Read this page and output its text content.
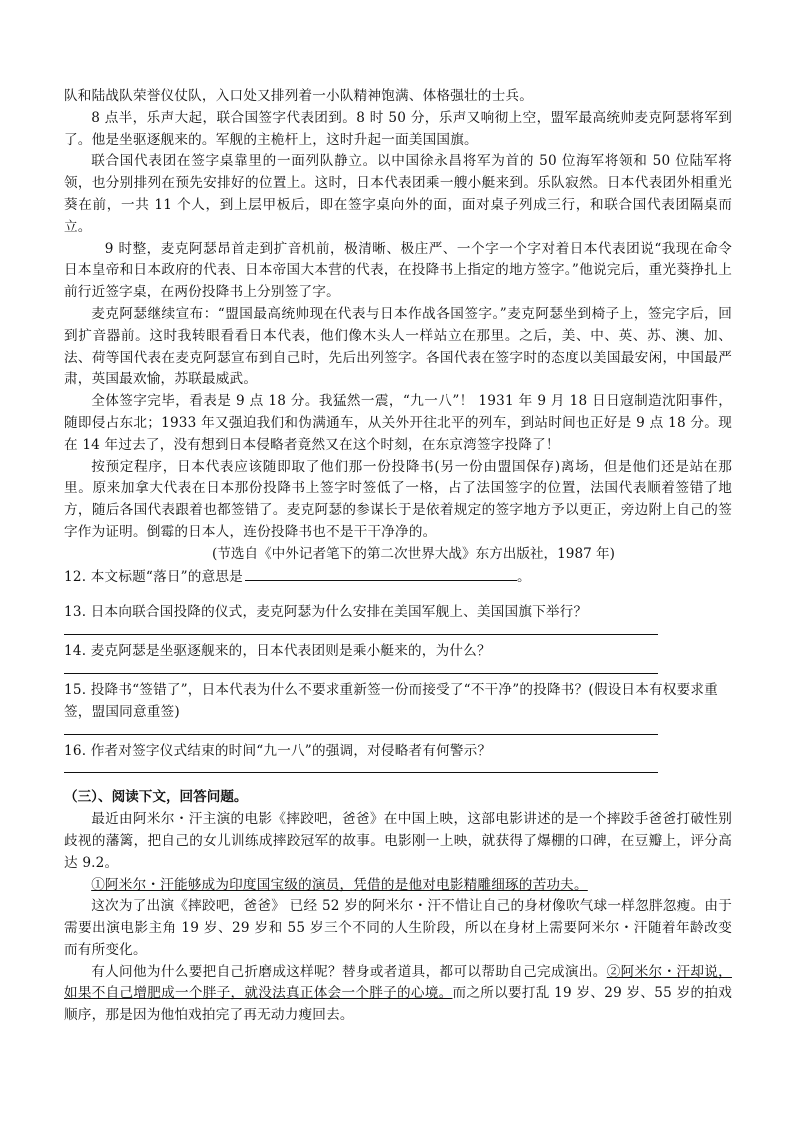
队和陆战队荣誉仪仗队，入口处又排列着一小队精神饱满、体格强壮的士兵。

8 点半，乐声大起，联合国签字代表团到。8 时 50 分，乐声又响彻上空，盟军最高统帅麦克阿瑟将军到了。他是坐驱逐舰来的。军舰的主桅杆上，这时升起一面美国国旗。

联合国代表团在签字桌靠里的一面列队静立。以中国徐永昌将军为首的 50 位海军将领和 50 位陆军将领，也分别排列在预先安排好的位置上。这时，日本代表团乘一艘小艇来到。乐队寂然。日本代表团外相重光葵在前，一共 11 个人，到上层甲板后，即在签字桌向外的面，面对桌子列成三行，和联合国代表团隔桌而立。

9 时整，麦克阿瑟昂首走到扩音机前，极清晰、极庄严、一个字一个字对着日本代表团说“我现在命令日本皇帝和日本政府的代表、日本帝国大本营的代表，在投降书上指定的地方签字。”他说完后，重光葵挣扎上前行近签字桌，在两份投降书上分别签了字。

麦克阿瑟继续宣布：“盟国最高统帅现在代表与日本作战各国签字。”麦克阿瑟坐到椅子上，签完字后，回到扩音器前。这时我转眼看看日本代表，他们像木头人一样站立在那里。之后，美、中、英、苏、澳、加、法、荷等国代表在麦克阿瑟宣布到自己时，先后出列签字。各国代表在签字时的态度以美国最安闲，中国最严肃，英国最欢愉，苏联最威武。

全体签字完毕，看表是 9 点 18 分。我猛然一震，“九一八”！ 1931 年 9 月 18 日日寇制造沈阳事件，随即侵占东北；1933 年又强迫我们和伪满通车，从关外开往北平的列车，到站时间也正好是 9 点 18 分。现在 14 年过去了，没有想到日本侵略者竟然又在这个时刻，在东京湾签字投降了！

按预定程序，日本代表应该随即取了他们那一份投降书(另一份由盟国保存)离场，但是他们还是站在那里。原来加拿大代表在日本那份投降书上签字时签低了一格，占了法国签字的位置，法国代表顺着签错了地方，随后各国代表跟着也都签错了。麦克阿瑟的参谋长于是依着规定的签字地方予以更正，旁边附上自己的签字作为证明。倒霉的日本人，连份投降书也不是干干净净的。

(节选自《中外记者笔下的第二次世界大战》东方出版社，1987 年)

12. 本文标题“落日”的意思是	。

13. 日本向联合国投降的仪式，麦克阿瑟为什么安排在美国军舰上、美国国旗下举行？

14. 麦克阿瑟是坐驱逐舰来的，日本代表团则是乘小艇来的，为什么？

15. 投降书“签错了”，日本代表为什么不要求重新签一份而接受了“不干净”的投降书？(假设日本有权要求重签，盟国同意重签)

16. 作者对签字仪式结束的时间“九一八”的强调，对侵略者有何警示？

（三）、阅读下文，回答问题。

最近由阿米尔・汗主演的电影《摔跤吧，爸爸》在中国上映，这部电影讲述的是一个摔跤手爸爸打破性别歧视的藩篱，把自己的女儿训练成摔跤冠军的故事。电影刚一上映，就获得了爆棚的口碑，在豆瓣上，评分高达 9.2。

①阿米尔・汗能够成为印度国宝级的演员，凭借的是他对电影精雕细琢的苦功夫。

这次为了出演《摔跤吧，爸爸》 已经 52 岁的阿米尔・汗不惜让自己的身材像吹气球一样忽胖忽瘦。由于需要出演电影主角 19 岁、29 岁和 55 岁三个不同的人生阶段，所以在身材上需要阿米尔・汗随着年龄改变而有所变化。

有人问他为什么要把自己折磨成这样呢？替身或者道具，都可以帮助自己完成演出。②阿米尔・汗却说，如果不自己增肥成一个胖子，就没法真正体会一个胖子的心境。而之所以要打乱 19 岁、29 岁、55 岁的拍戏顺序，那是因为他怕戏拍完了再无动力瘦回去。
